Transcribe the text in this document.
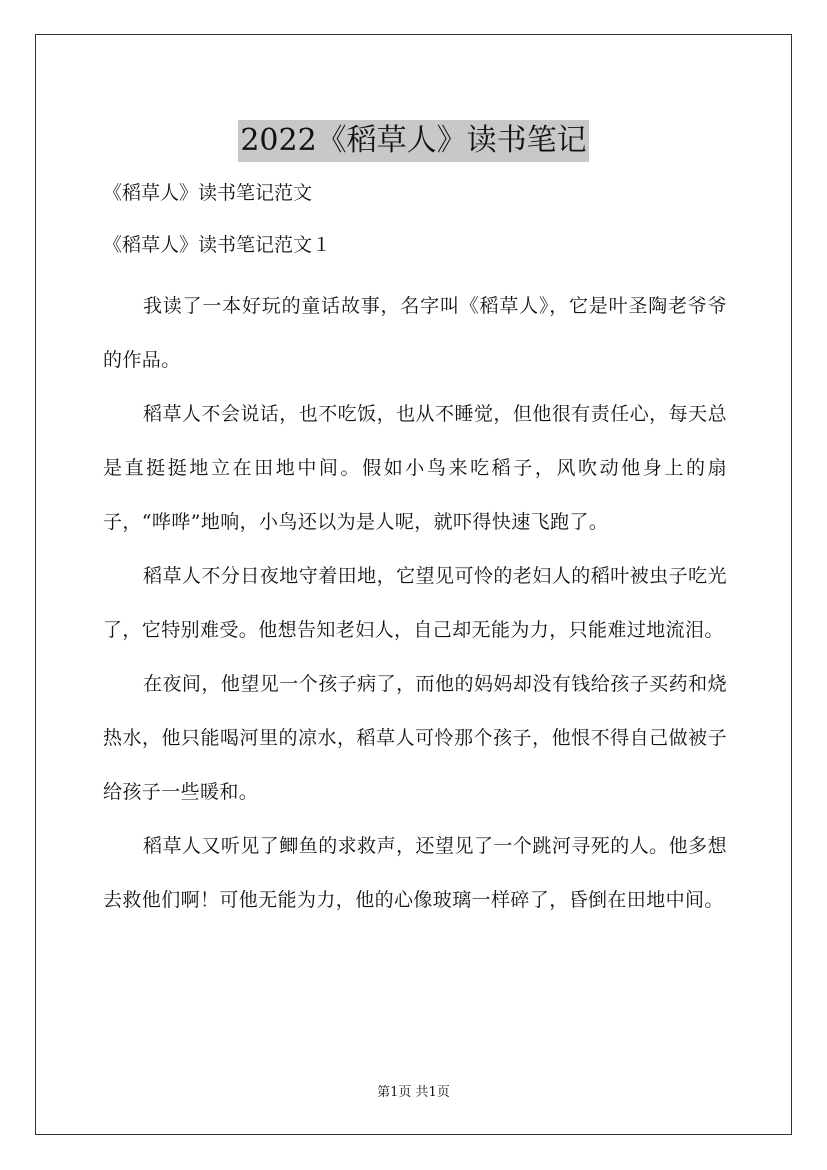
2022《稻草人》读书笔记
《稻草人》读书笔记范文
《稻草人》读书笔记范文１

我读了一本好玩的童话故事，名字叫《稻草人》，它是叶圣陶老爷爷的作品。

稻草人不会说话，也不吃饭，也从不睡觉，但他很有责任心，每天总是直挺挺地立在田地中间。假如小鸟来吃稻子，风吹动他身上的扇子，“哗哗”地响，小鸟还以为是人呢，就吓得快速飞跑了。

稻草人不分日夜地守着田地，它望见可怜的老妇人的稻叶被虫子吃光了，它特别难受。他想告知老妇人，自己却无能为力，只能难过地流泪。

在夜间，他望见一个孩子病了，而他的妈妈却没有钱给孩子买药和烧热水，他只能喝河里的凉水，稻草人可怜那个孩子，他恨不得自己做被子给孩子一些暖和。

稻草人又听见了鲫鱼的求救声，还望见了一个跳河寻死的人。他多想去救他们啊！可他无能为力，他的心像玻璃一样碎了，昏倒在田地中间。

第1页 共1页
